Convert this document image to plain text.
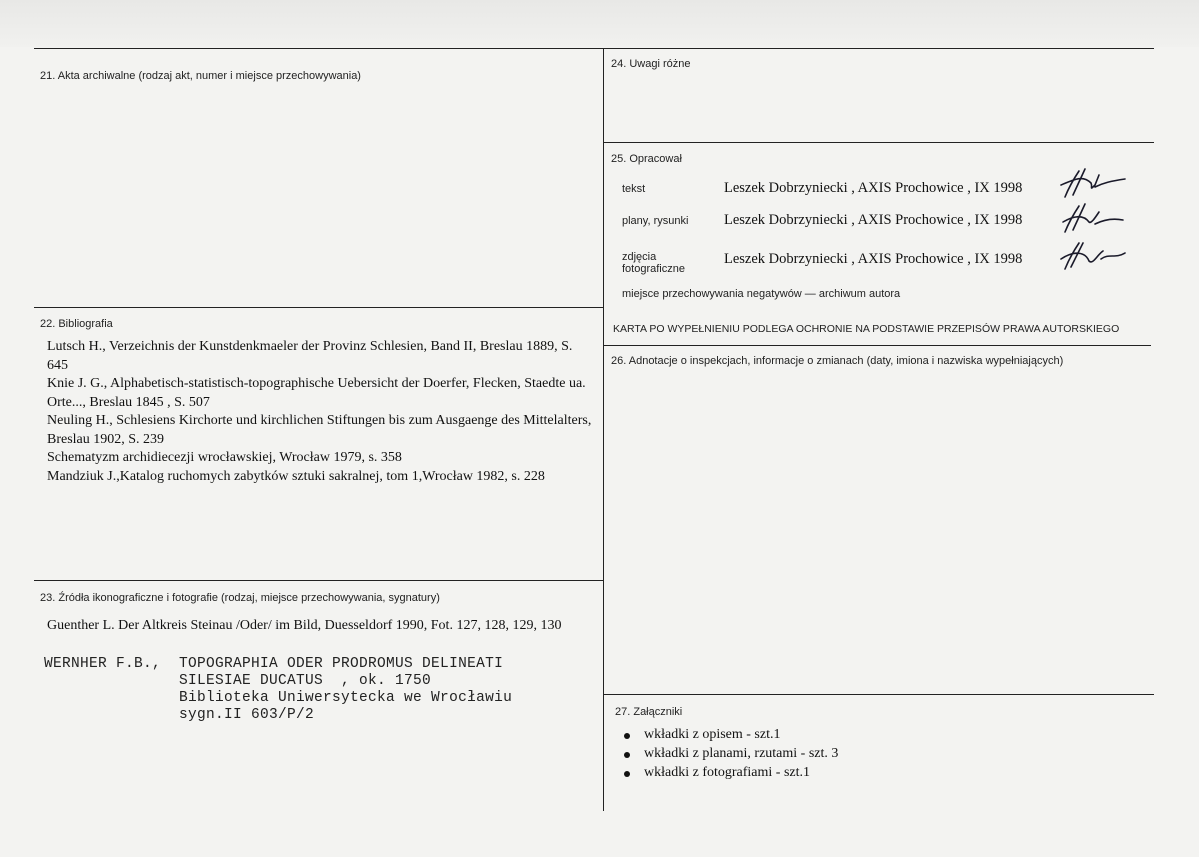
21. Akta archiwalne (rodzaj akt, numer i miejsce przechowywania)
22. Bibliografia
Lutsch H., Verzeichnis der Kunstdenkmaeler der Provinz Schlesien, Band II, Breslau 1889, S. 645
Knie J. G., Alphabetisch-statistisch-topographische Uebersicht der Doerfer, Flecken, Staedte ua. Orte..., Breslau 1845 , S. 507
Neuling H., Schlesiens Kirchorte und kirchlichen Stiftungen bis zum Ausgaenge des Mittelalters, Breslau 1902, S. 239
Schematyzm archidiecezji wrocławskiej, Wrocław 1979, s. 358
Mandziuk J.,Katalog ruchomych zabytków sztuki sakralnej, tom 1,Wrocław 1982, s. 228
23. Źródła ikonograficzne i fotografie (rodzaj, miejsce przechowywania, sygnatury)
Guenther L. Der Altkreis Steinau /Oder/ im Bild, Duesseldorf 1990, Fot. 127, 128, 129, 130
WERNHER F.B.,  TOPOGRAPHIA ODER PRODROMUS DELINEATI
SILESIAE DUCATUS  , ok. 1750
Biblioteka Uniwersytecka we Wrocławiu
sygn.II 603/P/2
24. Uwagi różne
25. Opracował
tekst	Leszek Dobrzyniecki , AXIS Prochowice , IX 1998
plany, rysunki Leszek Dobrzyniecki , AXIS Prochowice , IX 1998
zdjęcia
fotograficzne
Leszek Dobrzyniecki , AXIS Prochowice , IX 1998
miejsce przechowywania negatywów — archiwum autora
KARTA PO WYPEŁNIENIU PODLEGA OCHRONIE NA PODSTAWIE PRZEPISÓW PRAWA AUTORSKIEGO
26. Adnotacje o inspekcjach, informacje o zmianach (daty, imiona i nazwiska wypełniających)
27. Załączniki
wkładki z opisem - szt.1
wkładki z planami, rzutami - szt. 3
wkładki z fotografiami - szt.1
